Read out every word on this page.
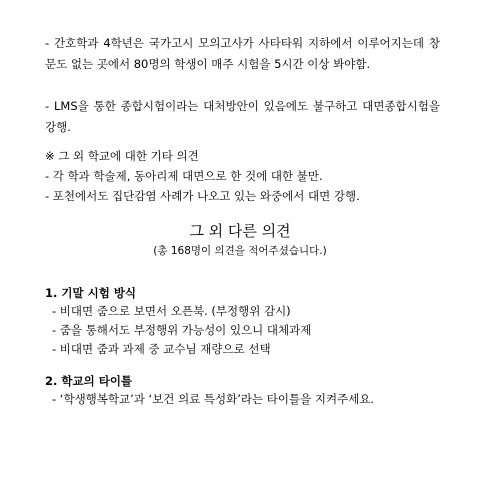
- 간호학과 4학년은 국가고시 모의고사가 사타타워 지하에서 이루어지는데 창문도 없는 곳에서 80명의 학생이 매주 시험을 5시간 이상 봐야함.
- LMS을 통한 종합시험이라는 대처방안이 있음에도 불구하고 대면종합시험을 강행.
※ 그 외 학교에 대한 기타 의견
- 각 학과 학술제, 동아리제 대면으로 한 것에 대한 불만.
- 포천에서도 집단감염 사례가 나오고 있는 와중에서 대면 강행.
그 외 다른 의견
(총 168명이 의견을 적어주셨습니다.)
1. 기말 시험 방식
- 비대면 줌으로 보면서 오픈북. (부정행위 감시)
- 줌을 통해서도 부정행위 가능성이 있으니 대체과제
- 비대면 줌과 과제 중 교수님 재량으로 선택
2. 학교의 타이틀
- ‘학생행복학교’과 ‘보건 의료 특성화’라는 타이틀을 지켜주세요.
